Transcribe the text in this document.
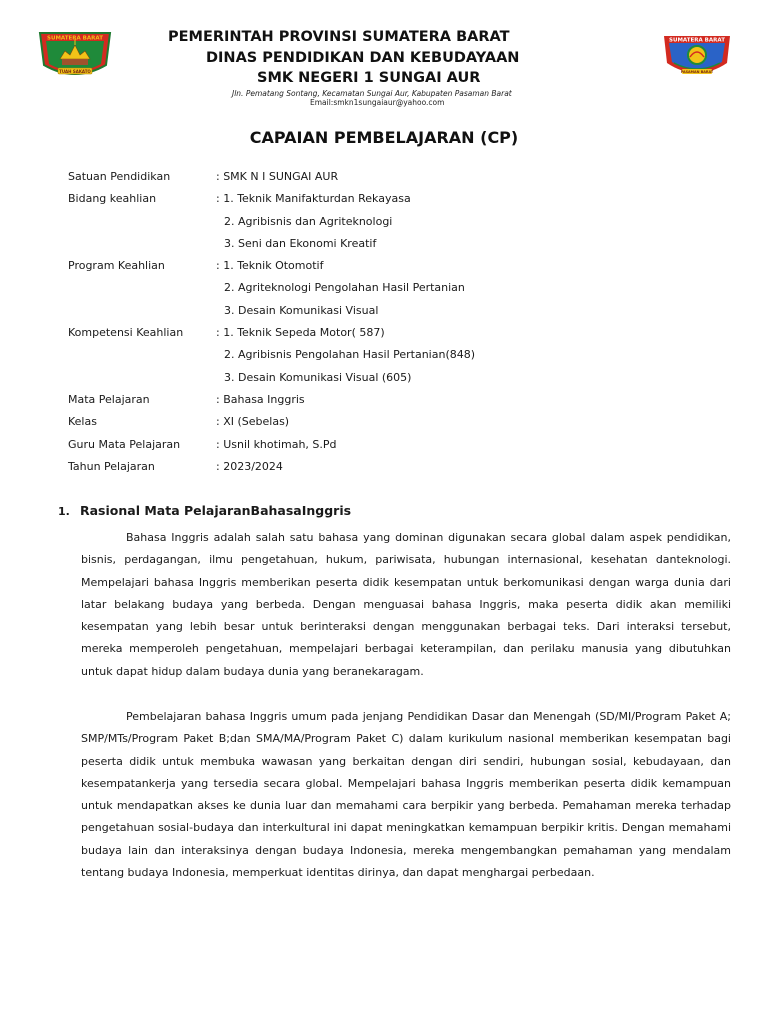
SUMATERA BARAT
TUAH SAKATO
PEMERINTAH PROVINSI SUMATERA BARAT
DINAS PENDIDIKAN DAN KEBUDAYAAN
SMK NEGERI 1 SUNGAI AUR
Jln. Pematang Sontang, Kecamatan Sungai Aur, Kabupaten Pasaman Barat
Email:smkn1sungaiaur@yahoo.com
SUMATERA BARAT
PASAMAN BARAT
CAPAIAN PEMBELAJARAN (CP)
Satuan Pendidikan	: SMK N I SUNGAI AUR
Bidang keahlian	: 1. Teknik Manifakturdan Rekayasa
2. Agribisnis dan Agriteknologi
3. Seni dan Ekonomi Kreatif
Program Keahlian	: 1. Teknik Otomotif
2. Agriteknologi Pengolahan Hasil Pertanian
3. Desain Komunikasi Visual
Kompetensi Keahlian	: 1. Teknik Sepeda Motor( 587)
2. Agribisnis Pengolahan Hasil Pertanian(848)
3. Desain Komunikasi Visual (605)
Mata Pelajaran	: Bahasa Inggris
Kelas	: XI (Sebelas)
Guru Mata Pelajaran	: Usnil khotimah, S.Pd
Tahun Pelajaran	: 2023/2024
1. Rasional Mata PelajaranBahasaInggris
Bahasa Inggris adalah salah satu bahasa yang dominan digunakan secara global dalam aspek pendidikan, bisnis, perdagangan, ilmu pengetahuan, hukum, pariwisata, hubungan internasional, kesehatan danteknologi. Mempelajari bahasa Inggris memberikan peserta didik kesempatan untuk berkomunikasi dengan warga dunia dari latar belakang budaya yang berbeda. Dengan menguasai bahasa Inggris, maka peserta didik akan memiliki kesempatan yang lebih besar untuk berinteraksi dengan menggunakan berbagai teks. Dari interaksi tersebut, mereka memperoleh pengetahuan, mempelajari berbagai keterampilan, dan perilaku manusia yang dibutuhkan untuk dapat hidup dalam budaya dunia yang beranekaragam.
Pembelajaran bahasa Inggris umum pada jenjang Pendidikan Dasar dan Menengah (SD/MI/Program Paket A; SMP/MTs/Program Paket B;dan SMA/MA/Program Paket C) dalam kurikulum nasional memberikan kesempatan bagi peserta didik untuk membuka wawasan yang berkaitan dengan diri sendiri, hubungan sosial, kebudayaan, dan kesempatankerja yang tersedia secara global. Mempelajari bahasa Inggris memberikan peserta didik kemampuan untuk mendapatkan akses ke dunia luar dan memahami cara berpikir yang berbeda. Pemahaman mereka terhadap pengetahuan sosial-budaya dan interkultural ini dapat meningkatkan kemampuan berpikir kritis. Dengan memahami budaya lain dan interaksinya dengan budaya Indonesia, mereka mengembangkan pemahaman yang mendalam tentang budaya Indonesia, memperkuat identitas dirinya, dan dapat menghargai perbedaan.
